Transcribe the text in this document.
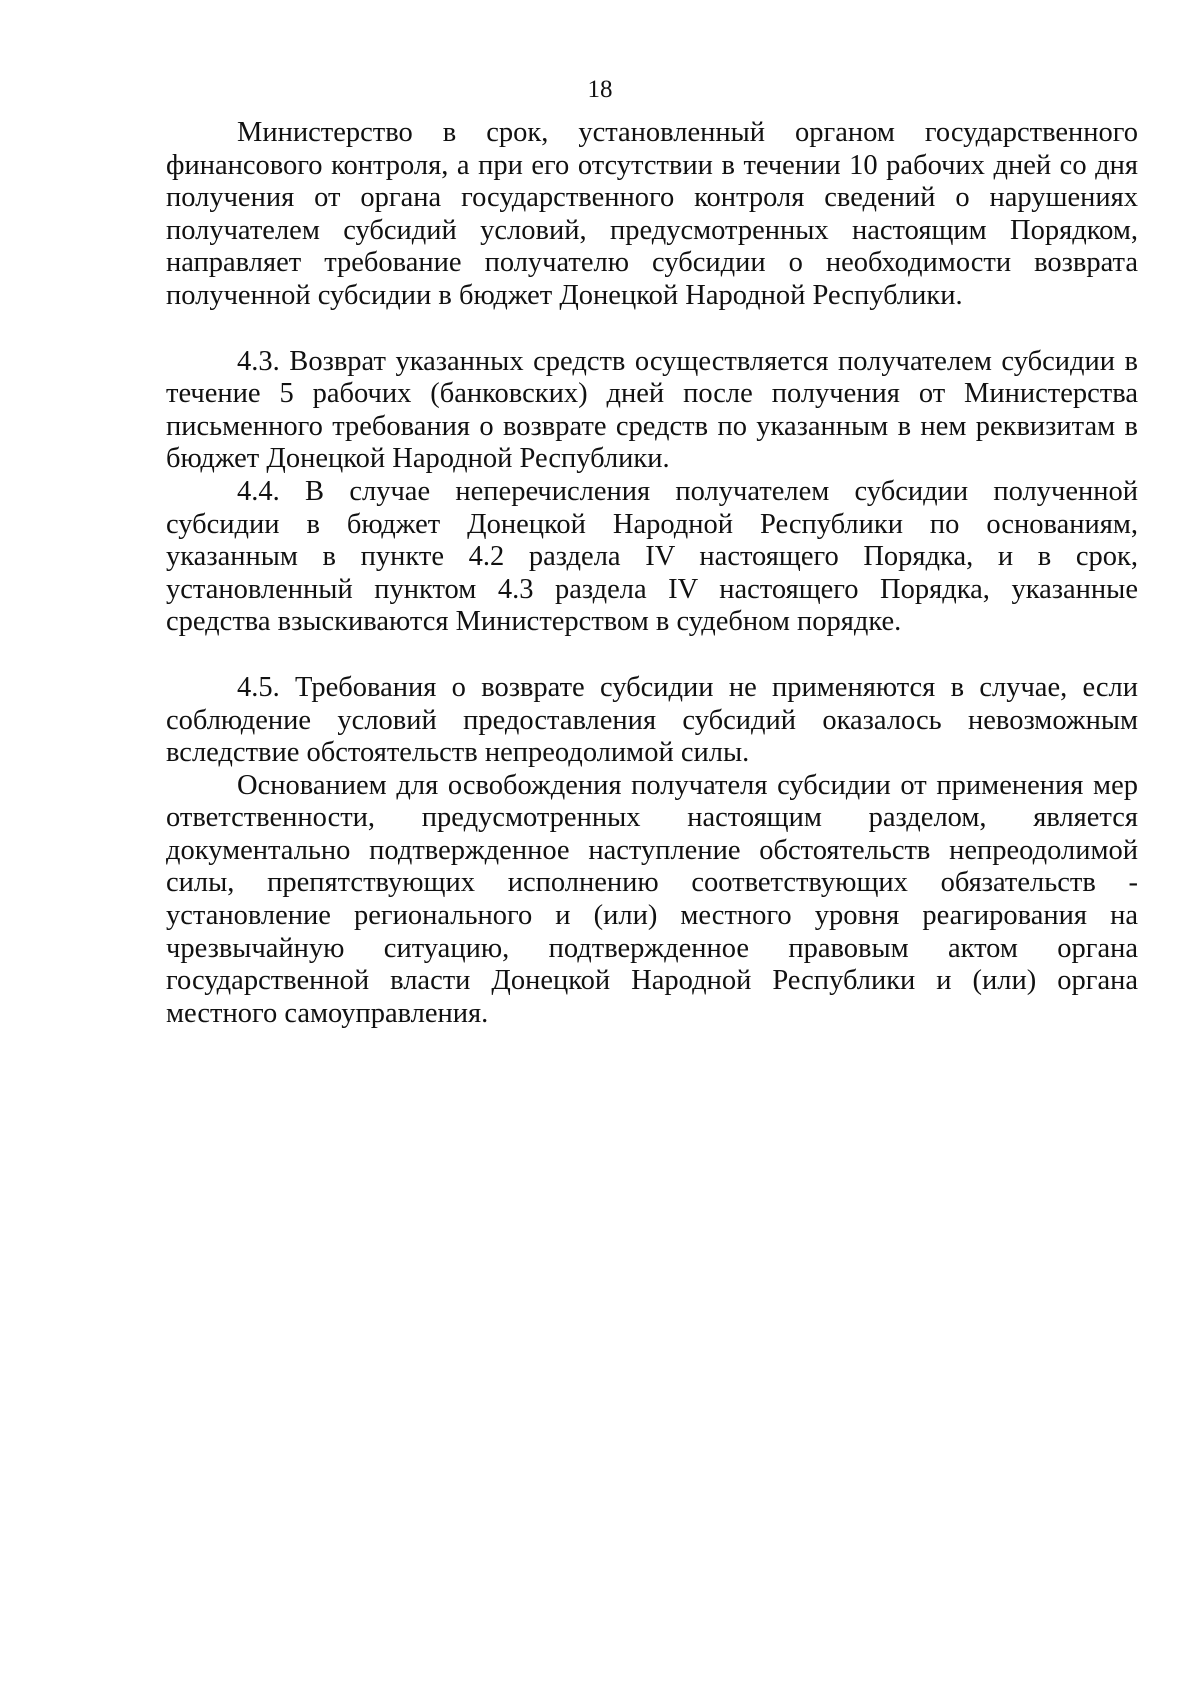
18

Министерство в срок, установленный органом государственного финансового контроля, а при его отсутствии в течении 10 рабочих дней со дня получения от органа государственного контроля сведений о нарушениях получателем субсидий условий, предусмотренных настоящим Порядком, направляет требование получателю субсидии о необходимости возврата полученной субсидии в бюджет Донецкой Народной Республики.

4.3. Возврат указанных средств осуществляется получателем субсидии в течение 5 рабочих (банковских) дней после получения от Министерства письменного требования о возврате средств по указанным в нем реквизитам в бюджет Донецкой Народной Республики.

4.4. В случае неперечисления получателем субсидии полученной субсидии в бюджет Донецкой Народной Республики по основаниям, указанным в пункте 4.2 раздела IV настоящего Порядка, и в срок, установленный пунктом 4.3 раздела IV настоящего Порядка, указанные средства взыскиваются Министерством в судебном порядке.

4.5. Требования о возврате субсидии не применяются в случае, если соблюдение условий предоставления субсидий оказалось невозможным вследствие обстоятельств непреодолимой силы.

Основанием для освобождения получателя субсидии от применения мер ответственности, предусмотренных настоящим разделом, является документально подтвержденное наступление обстоятельств непреодолимой силы, препятствующих исполнению соответствующих обязательств - установление регионального и (или) местного уровня реагирования на чрезвычайную ситуацию, подтвержденное правовым актом органа государственной власти Донецкой Народной Республики и (или) органа местного самоуправления.
